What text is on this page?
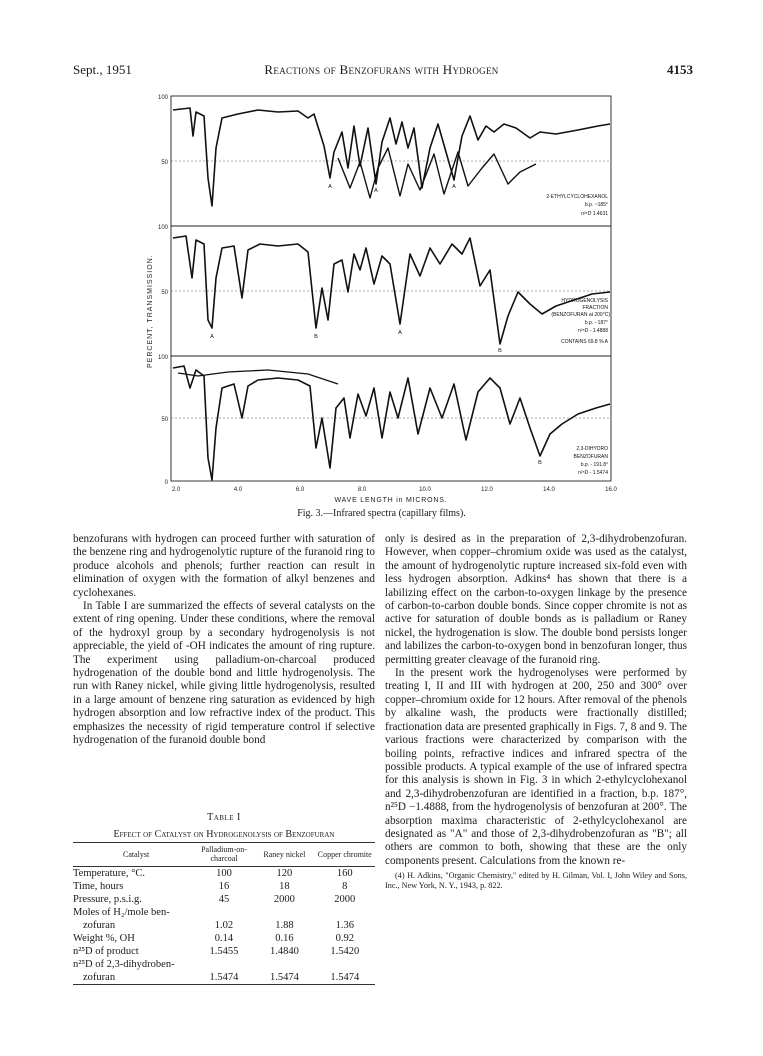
Sept., 1951	Reactions of Benzofurans with Hydrogen	4153
100
50
100
50
100
50
0
PERCENT, TRANSMISSION.
2.0	4.0	6.0	8.0	10.0	12.0	14.0	16.0
WAVE LENGTH in MICRONS.
A
A
A
A
A
B
B
B
2-ETHYLCYCLOHEXANOL
b.p. ~185°
n²⁵D 1.4631
HYDROGENOLYSIS
FRACTION
(BENZOFURAN at 200°C)
b.p. - 187°
n²⁵D - 1.4888
CONTAINS 69.8 % A
2,3-DIHYDRO
BENZOFURAN
b.p. - 191.8°
n²⁵D - 1.5474
Fig. 3.—Infrared spectra (capillary films).

benzofurans with hydrogen can proceed further with saturation of the benzene ring and hydrogenolytic rupture of the furanoid ring to produce alcohols and phenols; further reaction can result in elimination of oxygen with the formation of alkyl benzenes and cyclohexanes.

In Table I are summarized the effects of several catalysts on the extent of ring opening. Under these conditions, where the removal of the hydroxyl group by a secondary hydrogenolysis is not appreciable, the yield of -OH indicates the amount of ring rupture. The experiment using palladium-on-charcoal produced hydrogenation of the double bond and little hydrogenolysis. The run with Raney nickel, while giving little hydrogenolysis, resulted in a large amount of benzene ring saturation as evidenced by high hydrogen absorption and low refractive index of the product. This emphasizes the necessity of rigid temperature control if selective hydrogenation of the furanoid double bond

Table I
Effect of Catalyst on Hydrogenolysis of Benzofuran
Catalyst	Palladium-on-charcoal	Raney nickel	Copper chromite
Temperature, °C.	100	120	160
Time, hours	16	18	8
Pressure, p.s.i.g.	45	2000	2000
Moles of H₂/mole ben-			
zofuran	1.02	1.88	1.36
Weight %, OH	0.14	0.16	0.92
n²⁵D of product	1.5455	1.4840	1.5420
n²⁵D of 2,3-dihydroben-			
zofuran	1.5474	1.5474	1.5474

only is desired as in the preparation of 2,3-dihydrobenzofuran. However, when copper–chromium oxide was used as the catalyst, the amount of hydrogenolytic rupture increased six-fold even with less hydrogen absorption. Adkins⁴ has shown that there is a labilizing effect on the carbon-to-oxygen linkage by the presence of carbon-to-carbon double bonds. Since copper chromite is not as active for saturation of double bonds as is palladium or Raney nickel, the hydrogenation is slow. The double bond persists longer and labilizes the carbon-to-oxygen bond in benzofuran longer, thus permitting greater cleavage of the furanoid ring.

In the present work the hydrogenolyses were performed by treating I, II and III with hydrogen at 200, 250 and 300° over copper–chromium oxide for 12 hours. After removal of the phenols by alkaline wash, the products were fractionally distilled; fractionation data are presented graphically in Figs. 7, 8 and 9. The various fractions were characterized by comparison with the boiling points, refractive indices and infrared spectra of the possible products. A typical example of the use of infrared spectra for this analysis is shown in Fig. 3 in which 2-ethylcyclohexanol and 2,3-dihydrobenzofuran are identified in a fraction, b.p. 187°, n²⁵D −1.4888, from the hydrogenolysis of benzofuran at 200°. The absorption maxima characteristic of 2-ethylcyclohexanol are designated as "A" and those of 2,3-dihydrobenzofuran as "B"; all others are common to both, showing that these are the only components present. Calculations from the known re-

(4) H. Adkins, "Organic Chemistry," edited by H. Gilman, Vol. I, John Wiley and Sons, Inc., New York, N. Y., 1943, p. 822.
